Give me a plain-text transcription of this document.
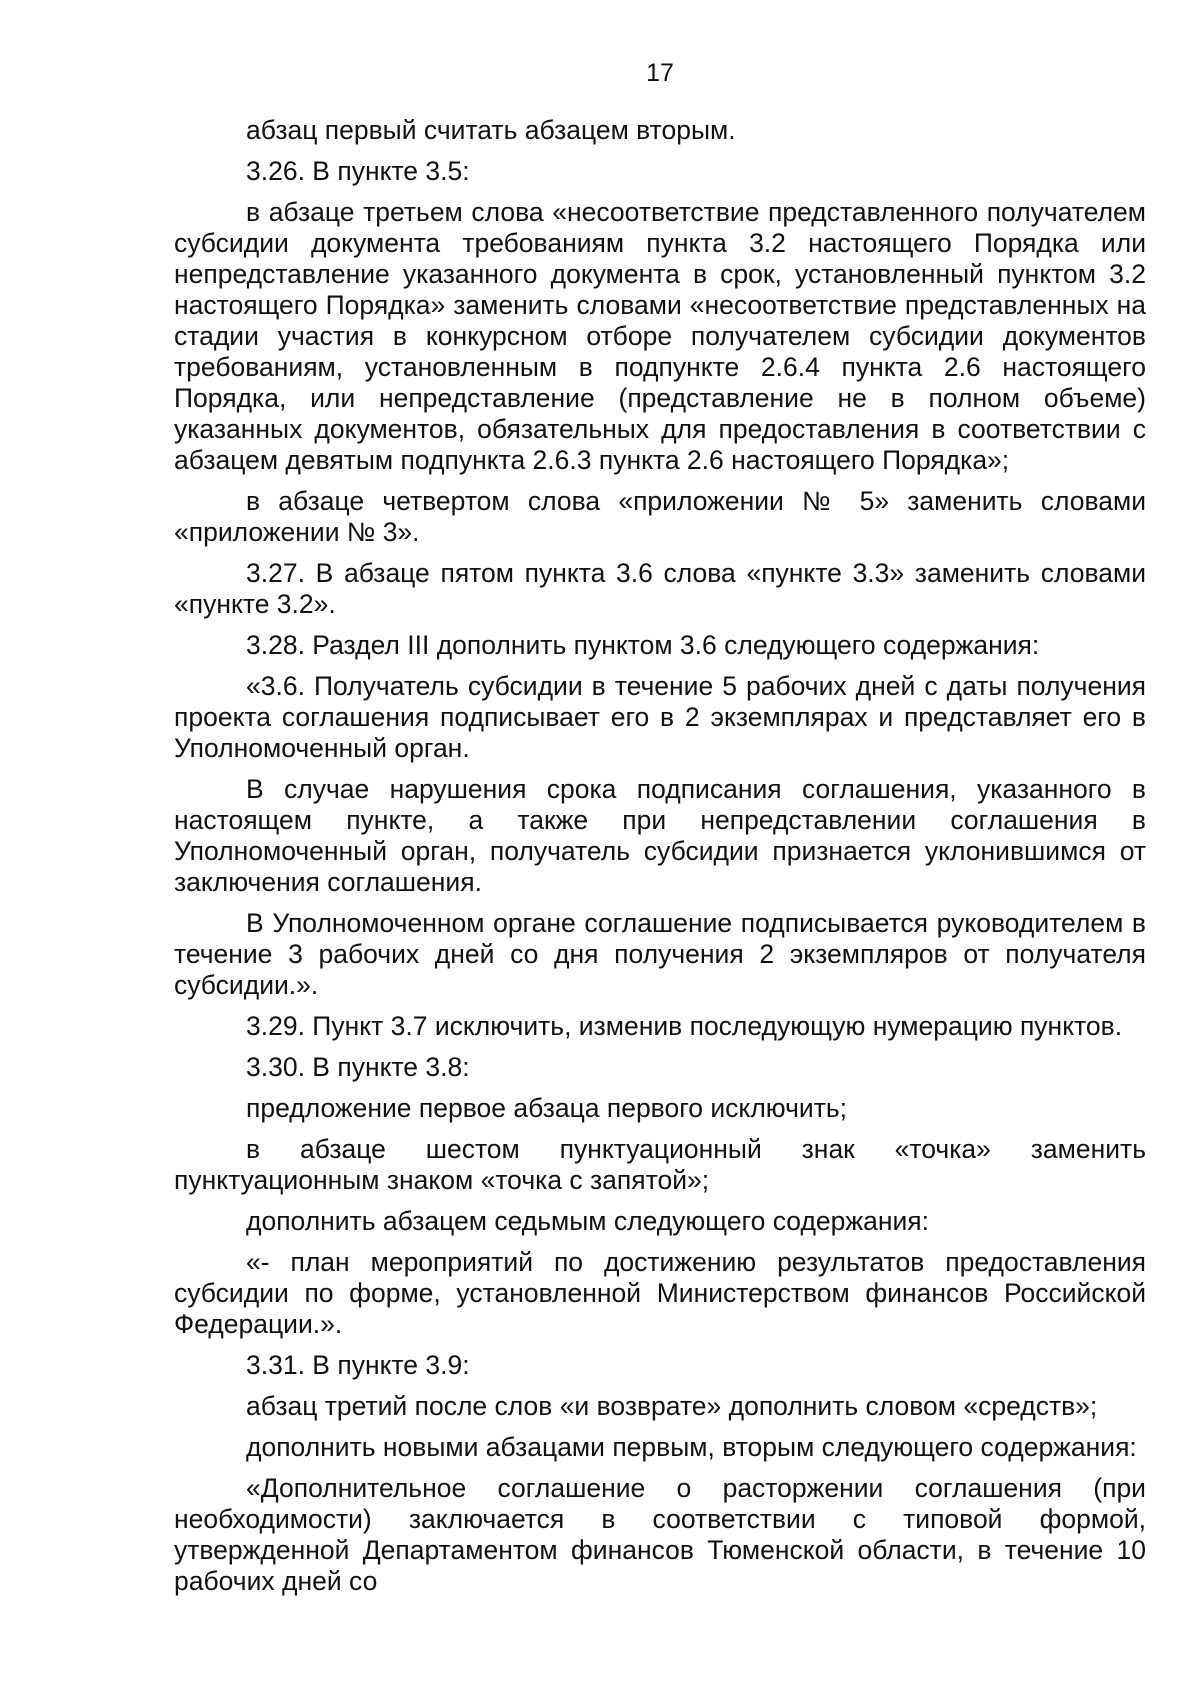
17

абзац первый считать абзацем вторым.

3.26. В пункте 3.5:

в абзаце третьем слова «несоответствие представленного получателем субсидии документа требованиям пункта 3.2 настоящего Порядка или непредставление указанного документа в срок, установленный пунктом 3.2 настоящего Порядка» заменить словами «несоответствие представленных на стадии участия в конкурсном отборе получателем субсидии документов требованиям, установленным в подпункте 2.6.4 пункта 2.6 настоящего Порядка, или непредставление (представление не в полном объеме) указанных документов, обязательных для предоставления в соответствии с абзацем девятым подпункта 2.6.3 пункта 2.6 настоящего Порядка»;

в абзаце четвертом слова «приложении № 5» заменить словами «приложении № 3».

3.27. В абзаце пятом пункта 3.6 слова «пункте 3.3» заменить словами «пункте 3.2».

3.28. Раздел III дополнить пунктом 3.6 следующего содержания:

«3.6. Получатель субсидии в течение 5 рабочих дней с даты получения проекта соглашения подписывает его в 2 экземплярах и представляет его в Уполномоченный орган.

В случае нарушения срока подписания соглашения, указанного в настоящем пункте, а также при непредставлении соглашения в Уполномоченный орган, получатель субсидии признается уклонившимся от заключения соглашения.

В Уполномоченном органе соглашение подписывается руководителем в течение 3 рабочих дней со дня получения 2 экземпляров от получателя субсидии.».

3.29. Пункт 3.7 исключить, изменив последующую нумерацию пунктов.

3.30. В пункте 3.8:

предложение первое абзаца первого исключить;

в абзаце шестом пунктуационный знак «точка» заменить пунктуационным знаком «точка с запятой»;

дополнить абзацем седьмым следующего содержания:

«- план мероприятий по достижению результатов предоставления субсидии по форме, установленной Министерством финансов Российской Федерации.».

3.31. В пункте 3.9:

абзац третий после слов «и возврате» дополнить словом «средств»;

дополнить новыми абзацами первым, вторым следующего содержания:

«Дополнительное соглашение о расторжении соглашения (при необходимости) заключается в соответствии с типовой формой, утвержденной Департаментом финансов Тюменской области, в течение 10 рабочих дней со
